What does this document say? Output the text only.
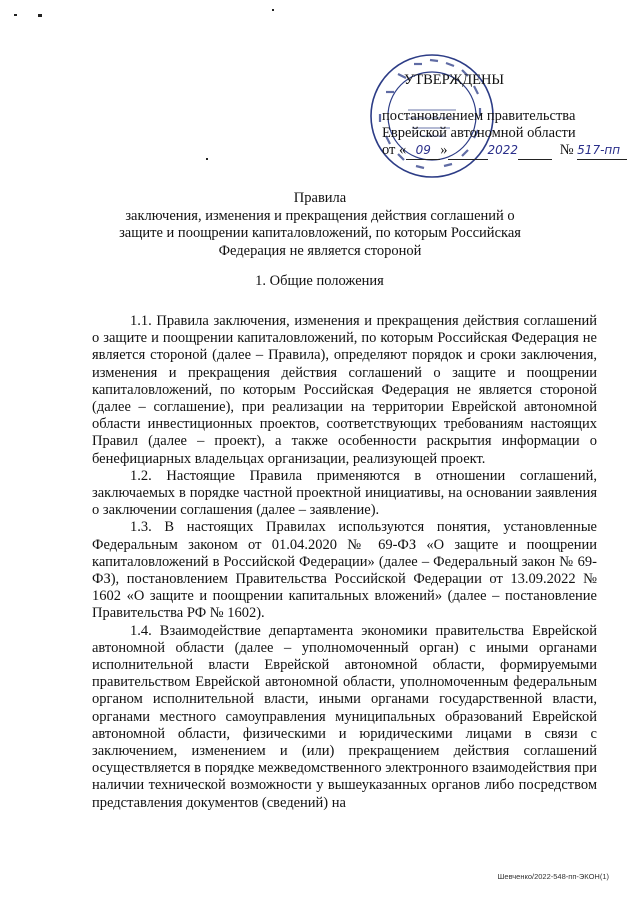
УТВЕРЖДЕНЫ
постановлением правительства
Еврейской автономной области
от « 09 »	2022	№ 517-пп
Правила
заключения, изменения и прекращения действия соглашений о
защите и поощрении капиталовложений, по которым Российская
Федерация не является стороной
1. Общие положения

1.1. Правила заключения, изменения и прекращения действия соглашений о защите и поощрении капиталовложений, по которым Российская Федерация не является стороной (далее – Правила), определяют порядок и сроки заключения, изменения и прекращения действия соглашений о защите и поощрении капиталовложений, по которым Российская Федерация не является стороной (далее – соглашение), при реализации на территории Еврейской автономной области инвестиционных проектов, соответствующих требованиям настоящих Правил (далее – проект), а также особенности раскрытия информации о бенефициарных владельцах организации, реализующей проект.

1.2. Настоящие Правила применяются в отношении соглашений, заключаемых в порядке частной проектной инициативы, на основании заявления о заключении соглашения (далее – заявление).

1.3. В настоящих Правилах используются понятия, установленные Федеральным законом от 01.04.2020 № 69-ФЗ «О защите и поощрении капиталовложений в Российской Федерации» (далее – Федеральный закон № 69-ФЗ), постановлением Правительства Российской Федерации от 13.09.2022 № 1602 «О защите и поощрении капитальных вложений» (далее – постановление Правительства РФ № 1602).

1.4. Взаимодействие департамента экономики правительства Еврейской автономной области (далее – уполномоченный орган) с иными органами исполнительной власти Еврейской автономной области, формируемыми правительством Еврейской автономной области, уполномоченным федеральным органом исполнительной власти, иными органами государственной власти, органами местного самоуправления муниципальных образований Еврейской автономной области, физическими и юридическими лицами в связи с заключением, изменением и (или) прекращением действия соглашений осуществляется в порядке межведомственного электронного взаимодействия при наличии технической возможности у вышеуказанных органов либо посредством представления документов (сведений) на

Шевченко/2022-548-пп-ЭКОН(1)
